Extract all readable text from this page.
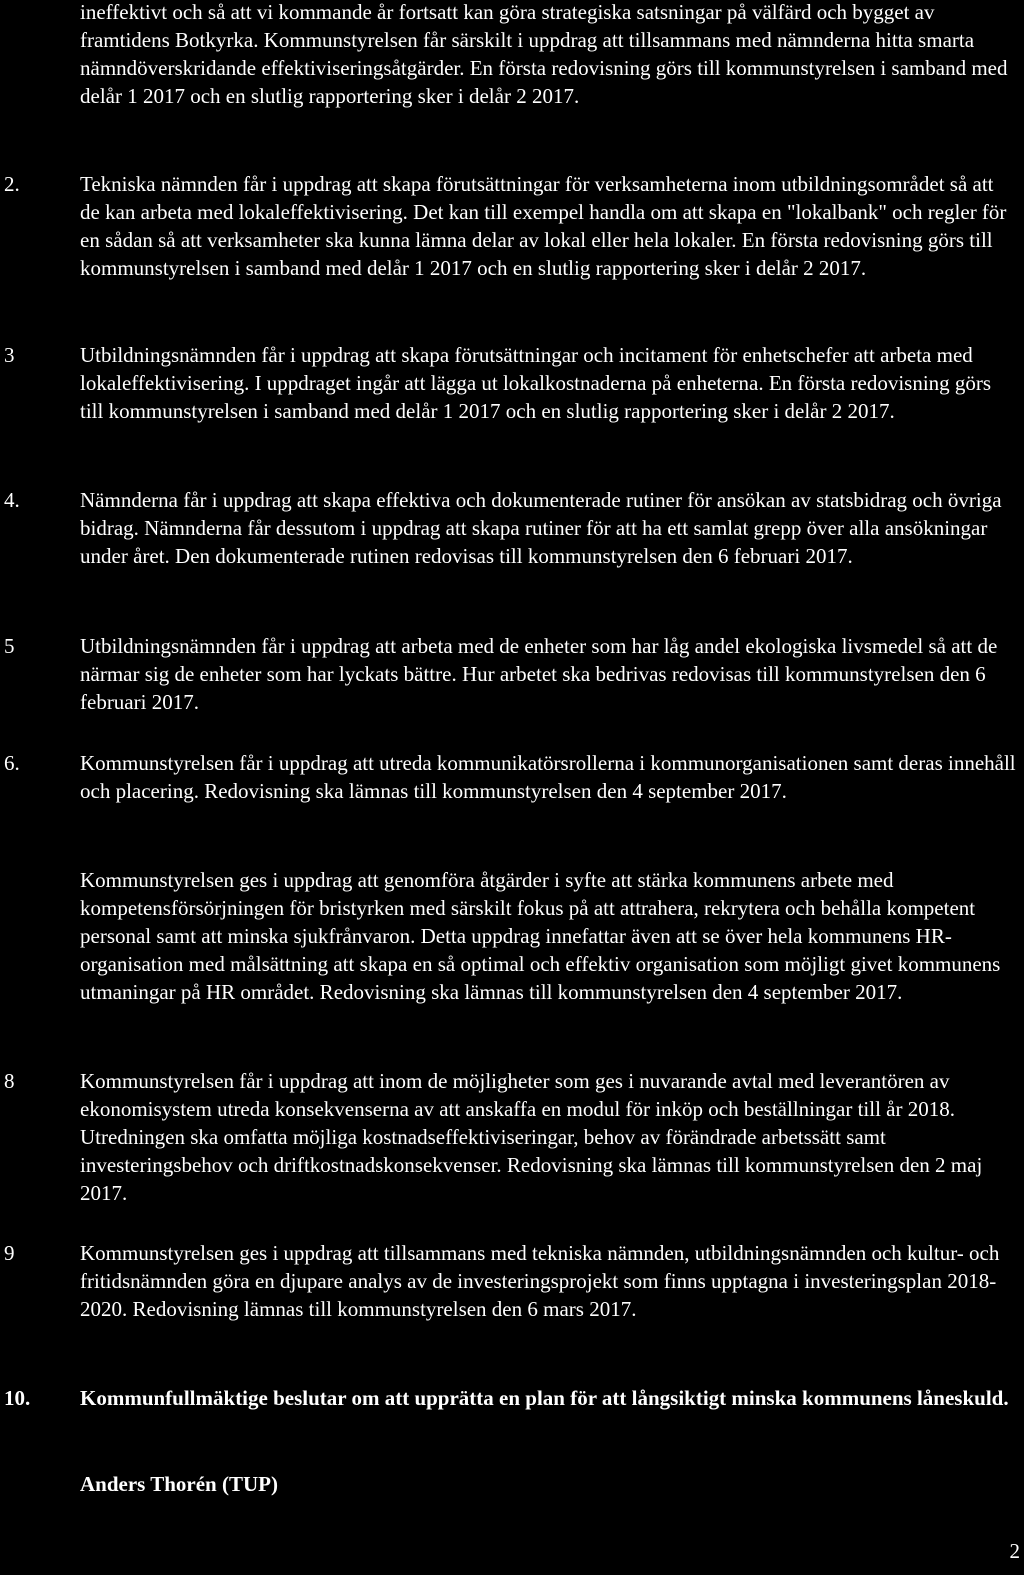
ineffektivt och så att vi kommande år fortsatt kan göra strategiska satsningar på välfärd och bygget av framtidens Botkyrka. Kommunstyrelsen får särskilt i uppdrag att tillsammans med nämnderna hitta smarta nämndöverskridande effektiviseringsåtgärder. En första redovisning görs till kommunstyrelsen i samband med delår 1 2017 och en slutlig rapportering sker i delår 2 2017.
2.	Tekniska nämnden får i uppdrag att skapa förutsättningar för verksamheterna inom utbildningsområdet så att de kan arbeta med lokaleffektivisering. Det kan till exempel handla om att skapa en "lokalbank" och regler för en sådan så att verksamheter ska kunna lämna delar av lokal eller hela lokaler. En första redovisning görs till kommunstyrelsen i samband med delår 1 2017 och en slutlig rapportering sker i delår 2 2017.
3	Utbildningsnämnden får i uppdrag att skapa förutsättningar och incitament för enhetschefer att arbeta med lokaleffektivisering. I uppdraget ingår att lägga ut lokalkostnaderna på enheterna. En första redovisning görs till kommunstyrelsen i samband med delår 1 2017 och en slutlig rapportering sker i delår 2 2017.
4.	Nämnderna får i uppdrag att skapa effektiva och dokumenterade rutiner för ansökan av statsbidrag och övriga bidrag. Nämnderna får dessutom i uppdrag att skapa rutiner för att ha ett samlat grepp över alla ansökningar under året. Den dokumenterade rutinen redovisas till kommunstyrelsen den 6 februari 2017.
5	Utbildningsnämnden får i uppdrag att arbeta med de enheter som har låg andel ekologiska livsmedel så att de närmar sig de enheter som har lyckats bättre. Hur arbetet ska bedrivas redovisas till kommunstyrelsen den 6 februari 2017.
6.	Kommunstyrelsen får i uppdrag att utreda kommunikatörsrollerna i kommunorganisationen samt deras innehåll och placering. Redovisning ska lämnas till kommunstyrelsen den 4 september 2017.
Kommunstyrelsen ges i uppdrag att genomföra åtgärder i syfte att stärka kommunens arbete med kompetensförsörjningen för bristyrken med särskilt fokus på att attrahera, rekrytera och behålla kompetent personal samt att minska sjukfrånvaron. Detta uppdrag innefattar även att se över hela kommunens HR-organisation med målsättning att skapa en så optimal och effektiv organisation som möjligt givet kommunens utmaningar på HR området. Redovisning ska lämnas till kommunstyrelsen den 4 september 2017.
8	Kommunstyrelsen får i uppdrag att inom de möjligheter som ges i nuvarande avtal med leverantören av ekonomisystem utreda konsekvenserna av att anskaffa en modul för inköp och beställningar till år 2018. Utredningen ska omfatta möjliga kostnadseffektiviseringar, behov av förändrade arbetssätt samt investeringsbehov och driftkostnadskonsekvenser. Redovisning ska lämnas till kommunstyrelsen den 2 maj 2017.
9	Kommunstyrelsen ges i uppdrag att tillsammans med tekniska nämnden, utbildningsnämnden och kultur- och fritidsnämnden göra en djupare analys av de investeringsprojekt som finns upptagna i investeringsplan 2018-2020. Redovisning lämnas till kommunstyrelsen den 6 mars 2017.
10.	Kommunfullmäktige beslutar om att upprätta en plan för att långsiktigt minska kommunens låneskuld.
Anders Thorén (TUP)
2
